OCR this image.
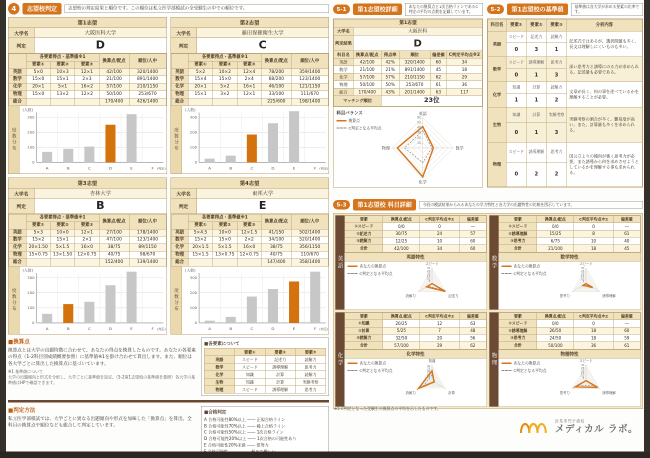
4 志望校判定	志望校の判定結果と順位です。この順位は私立医学部模試の全受験生の中での順位です。
第1志望
大学名	大阪医科大学
判定	D
	各要素得点・基準値※1			換算点/配点	順位/人中
	要素①	要素②	要素③		
英語	5×0	10×3	12×1	42/100	320/1400
数学	15×0	15×1	2×3	21/100	891/1400
化学	20×1	5×1	16×2	57/100	210/1150
物理	15×0	13×2	12×2	50/100	253/670
総合				170/400	426/1400
度数分布
0
100
200
300
(人数)
A	B	C	D	E	F (判定)
第2志望
大学名	藤田保健衛生大学
判定	C
	各要素得点・基準値※1			換算点/配点	順位/人中
	要素①	要素②	要素③		
英語	5×2	10×2	12×4	78/200	359/1400
数学	15×4	15×0	2×4	68/200	123/1400
化学	20×1	5×2	16×1	46/100	121/1150
物理	15×1	3×2	12×1	33/100	111/670
総合				225/600	198/1400
度数分布
0
100
200
300
(人数)
A	B	C	D	E	F (判定)
第3志望
大学名	杏林大学
判定	B
	各要素得点・基準値※1			換算点/配点	順位/人中
	要素①	要素②	要素③		
英語	5×3	10×0	12×1	27/100	178/1400
数学	15×2	15×1	2×1	47/100	123/1400
化学	20×1.50	5×1.5	16×0	38/75	89/1150
物理	15×0.75	13×1.50	12×0.75	40/75	98/670
総合				152/400	139/1400
度数分布
0
100
200
300
(人数)
A	B	C	D	E	F (判定)
第4志望
大学名	東邦大学
判定	E
	各要素得点・基準値※1			換算点/配点	順位/人中
	要素①	要素②	要素③		
英語	5×4.5	10×0	12×1.5	41/150	502/1400
数学	15×2	15×0	2×2	34/100	520/1400
化学	20×1.5	5×1.5	16×0	38/75	356/1150
物理	15×1.5	13×0.75	12×0.75	40/75	110/670
総合				147/400	358/1400
度数分布
0
100
200
300
(人数)
A	B	C	D	E	F (判定)
■換算点
換算点とは大学の出題特徴に合わせて、あなたの得点を換算したものです。あなたの各要素の得点（1-2科目別成績概要参照）に基準値※1を掛け合わせて算出します。また、順位は各大学ごとに算出した換算点に基づいています。
※1 基準値について
大学の出題傾向と形式を分析し、大学ごとに基準値を設定。（5-2第1志望校の基準値を参照）各大学の基準値はHPで確認できます。
■各要素について
	要素①	要素②	要素③
英語	スピード	記述力	読解力
数学	スピード	誘導理解	思考力
化学	知識	計算	読解力
生物	知識	計算	実験考察
物理	スピード	誘導理解	思考力
■判定方法
私立医学部模試では、大学ごとに異なる出題傾向や形式を加味した「換算点」を算出。全科目の換算点や順位なども総合して判定しています。
■合格判定
A 合格可能性80%以上 ―― 正規合格ライン
B 合格可能性70%以上 ―― 繰上合格ライン
C 合格可能性50%以上 ―― 1次合格ライン
D 合格可能性20%以上 ―― 1次合格の可能性あり
E 合格可能性20%未満 ―― 要努力
5-1 第1志望校詳細	あなたの換算点と1次合格ラインであるC判定の平均の点数を記載しています。
第1志望					
大学名	大阪医科				
判定結果	D				
科目名	換算点/配点	得点率	順位	偏差値	C判定平均点※2
英語	42/100	42%	320/1400	60	34
数学	21/100	21%	891/1400	45	18
化学	57/100	57%	210/1150	62	29
物理	50/100	50%	253/670	61	36
総合	170/400	43%	201/1400	63	117
マッチング順位		23位			
科目バランス
換算点
C判定となる平均点
60
50
40
30
20
10
英語
数学
化学
物理
5-2 第1志望校の基準値	基準値は各大学が求める要素の比率です。
科目名	要素①	要素②	要素③	分析内容
英語	スピード	記述力	読解力	記述式ではあるが、選択問題も多く、長文は理解しにくいものも多い。
	0	3	1	
数学	スピード	誘導理解	思考力	深い思考力と誘導にのる力が求められる。記述量も必要である。
	0	1	3	
化学	知識	計算	読解力	文章が長く、何の事を述べているかを理解することが必要。
	1	1	2	
生物	知識	計算	実験考察	実験考察の割合が多く、難易度が高い。また、計算量も多くを求められる。
	0	1	3	
物理	スピード	誘導理解	思考力	国公立よりの傾向が強く思考力が必要。また誘導から何を求めさせようとしているかを理解する事も求められる。
	0	2	2	
5-3 第1志望校 科目詳細	今回の模試結果からみるあなたの学力特性と各大学の出題特性の比較を図示しています。
英語
要素	換算点/配点	C判定平均点※2	偏差値
①スピード	0/0	0	―
②記述力	30/75	24	57
③読解力	12/25	10	60
合計	42/100	34	60
英語特性
あなたの換算点
C判定となる平均点
30
25
20
15
10
5
スピード
読解力	記述力
数学
要素	換算点/配点	C判定平均点※2	偏差値
①スピード	0/0	0	―
②誘導理解	15/25	8	61
③思考力	6/75	10	40
合計	21/100	18	45
数学特性
あなたの換算点
C判定となる平均点
30
25
20
15
10
5
スピード
思考力	誘導理解
化学
要素	換算点/配点	C判定平均点※2	偏差値
①知識	20/25	12	63
②計算	5/25	7	48
③読解力	32/50	20	56
合計	57/100	29	62
化学特性
あなたの換算点
C判定となる平均点
30
25
20
15
10
5
知識
読解力	計算
物理
要素	換算点/配点	C判定平均点※2	偏差値
①スピード	0/0	0	―
②誘導理解	26/50	18	60
③思考力	24/50	18	59
合計	50/100	36	61
物理特性
あなたの換算点
C判定となる平均点
30
25
20
15
10
5
スピード
思考力	誘導理解
※2 C判定となった受験生の換算点の平均を示したものです。
医系専門予備校
メディカル ラボ。
